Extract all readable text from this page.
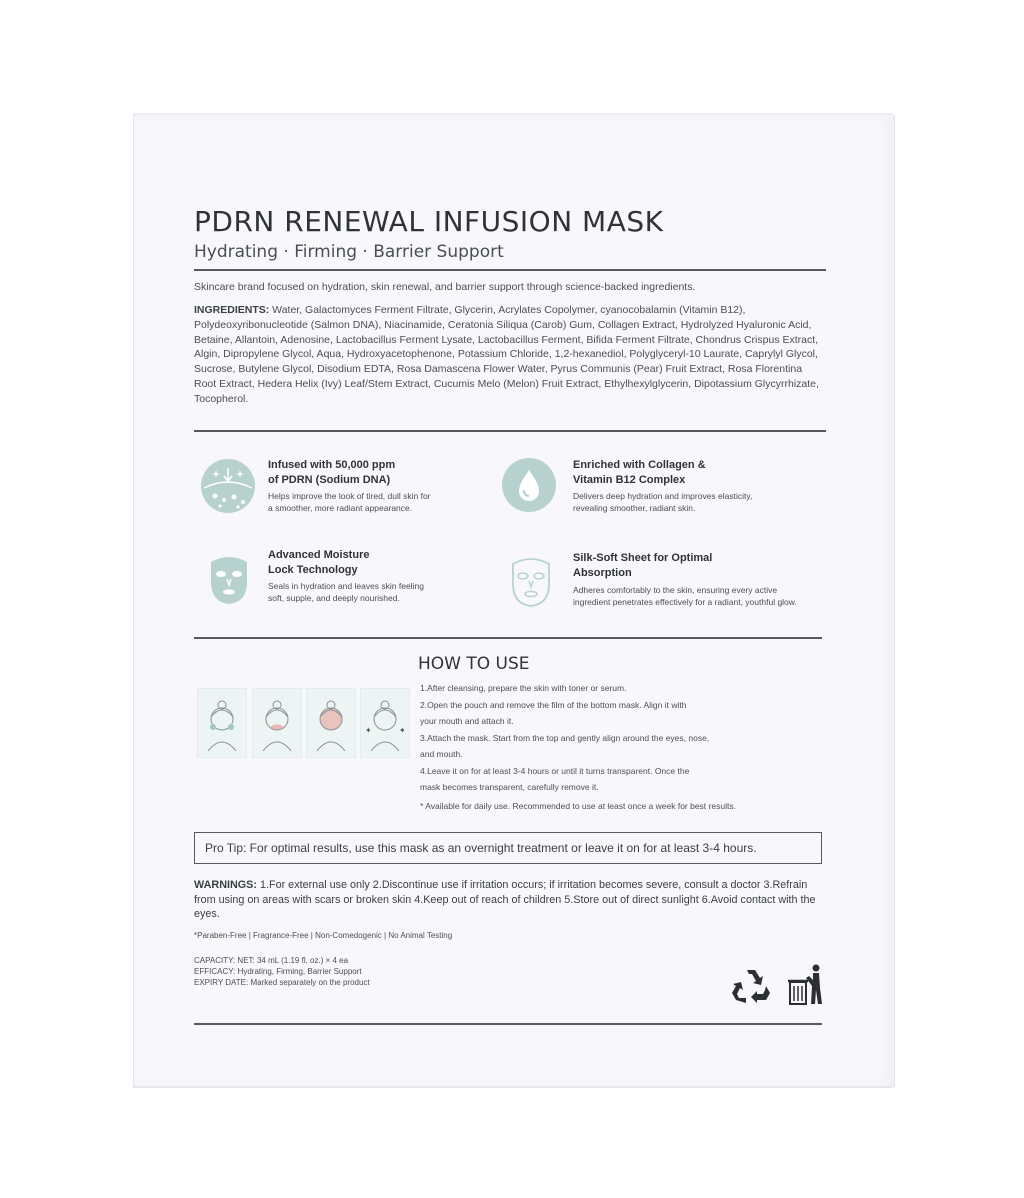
PDRN RENEWAL INFUSION MASK
Hydrating · Firming · Barrier Support
Skincare brand focused on hydration, skin renewal, and barrier support through science-backed ingredients.
INGREDIENTS: Water, Galactomyces Ferment Filtrate, Glycerin, Acrylates Copolymer, cyanocobalamin (Vitamin B12), Polydeoxyribonucleotide (Salmon DNA), Niacinamide, Ceratonia Siliqua (Carob) Gum, Collagen Extract, Hydrolyzed Hyaluronic Acid, Betaine, Allantoin, Adenosine, Lactobacillus Ferment Lysate, Lactobacillus Ferment, Bifida Ferment Filtrate, Chondrus Crispus Extract, Algin, Dipropylene Glycol, Aqua, Hydroxyacetophenone, Potassium Chloride, 1,2-hexanediol, Polyglyceryl-10 Laurate, Caprylyl Glycol, Sucrose, Butylene Glycol, Disodium EDTA, Rosa Damascena Flower Water, Pyrus Communis (Pear) Fruit Extract, Rosa Florentina Root Extract, Hedera Helix (Ivy) Leaf/Stem Extract, Cucumis Melo (Melon) Fruit Extract, Ethylhexylglycerin, Dipotassium Glycyrrhizate, Tocopherol.
Infused with 50,000 ppm
of PDRN (Sodium DNA)
Helps improve the look of tired, dull skin for
a smoother, more radiant appearance.
Enriched with Collagen &
Vitamin B12 Complex
Delivers deep hydration and improves elasticity,
revealing smoother, radiant skin.
Advanced Moisture
Lock Technology
Seals in hydration and leaves skin feeling
soft, supple, and deeply nourished.
Silk-Soft Sheet for Optimal
Absorption
Adheres comfortably to the skin, ensuring every active
ingredient penetrates effectively for a radiant, youthful glow.
✦	✦
HOW TO USE
1.After cleansing, prepare the skin with toner or serum.
2.Open the pouch and remove the film of the bottom mask. Align it with
your mouth and attach it.
3.Attach the mask. Start from the top and gently align around the eyes, nose,
and mouth.
4.Leave it on for at least 3-4 hours or until it turns transparent. Once the
mask becomes transparent, carefully remove it.
* Available for daily use. Recommended to use at least once a week for best results.
Pro Tip: For optimal results, use this mask as an overnight treatment or leave it on for at least 3-4 hours.
WARNINGS: 1.For external use only 2.Discontinue use if irritation occurs; if irritation becomes severe, consult a doctor 3.Refrain from using on areas with scars or broken skin 4.Keep out of reach of children 5.Store out of direct sunlight 6.Avoid contact with the eyes.
*Paraben-Free | Fragrance-Free | Non-Comedogenic | No Animal Testing
CAPACITY: NET: 34 mL (1.19 fl. oz.) × 4 ea
EFFICACY: Hydrating, Firming, Barrier Support
EXPIRY DATE: Marked separately on the product
